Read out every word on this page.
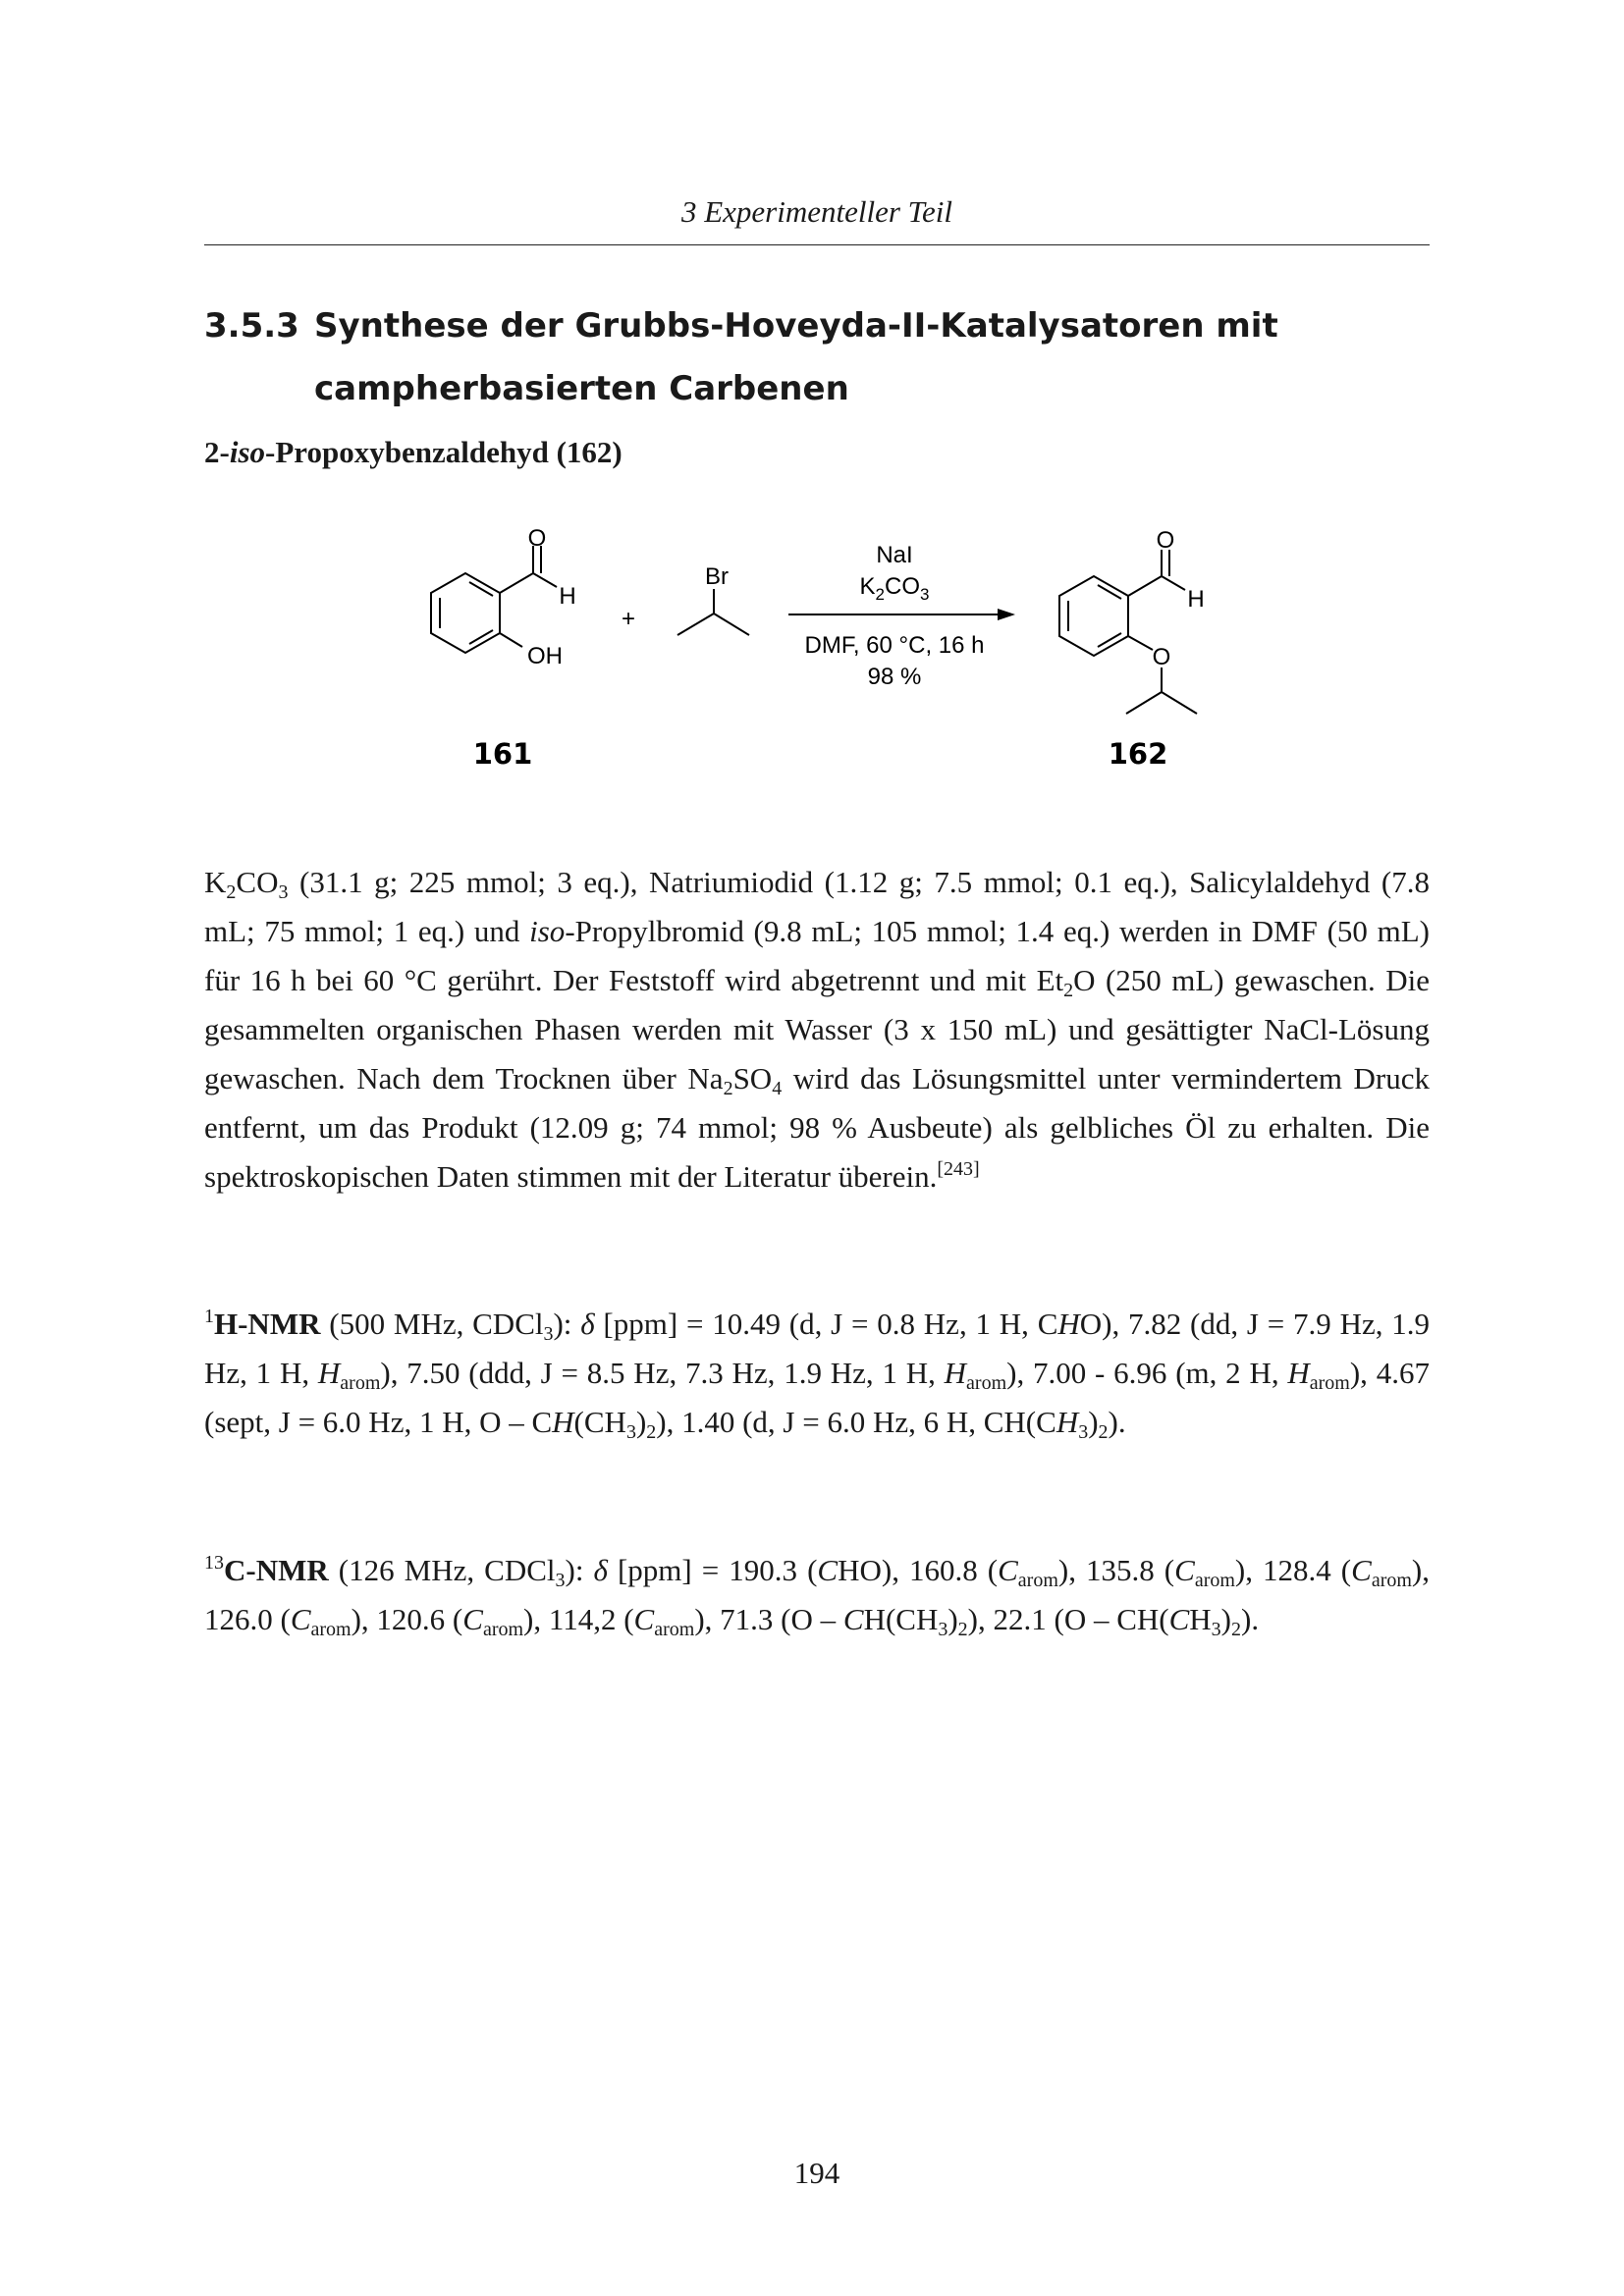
3 Experimenteller Teil
3.5.3 Synthese der Grubbs-Hoveyda-II-Katalysatoren mit
campherbasierten Carbenen
2-iso-Propoxybenzaldehyd (162)
O
H
OH
+
Br
NaI
$K_2CO_3$
DMF, 60 °C, 16 h
98 %
O
H
O
161	162
$K_2CO_3$ (31.1 g; 225 mmol; 3 eq.), Natriumiodid (1.12 g; 7.5 mmol; 0.1 eq.), Salicylaldehyd (7.8 mL; 75 mmol; 1 eq.) und iso-Propylbromid (9.8 mL; 105 mmol; 1.4 eq.) werden in DMF (50 mL) für 16 h bei 60 °C gerührt. Der Feststoff wird abgetrennt und mit $Et_2O$ (250 mL) gewaschen. Die gesammelten organischen Phasen werden mit Wasser (3 x 150 mL) und gesättigter NaCl-Lösung gewaschen. Nach dem Trocknen über $Na_2SO_4$ wird das Lösungsmittel unter vermindertem Druck entfernt, um das Produkt (12.09 g; 74 mmol; 98 % Ausbeute) als gelbliches Öl zu erhalten. Die spektroskopischen Daten stimmen mit der Literatur überein.[243]
$^1$H-NMR (500 MHz, CDCl$_3$): δ [ppm] = 10.49 (d, J = 0.8 Hz, 1 H, CHO), 7.82 (dd, J = 7.9 Hz, 1.9 Hz, 1 H, $H_{arom}$), 7.50 (ddd, J = 8.5 Hz, 7.3 Hz, 1.9 Hz, 1 H, $H_{arom}$), 7.00 - 6.96 (m, 2 H, $H_{arom}$), 4.67 (sept, J = 6.0 Hz, 1 H, O – $CH(CH_3)_2$), 1.40 (d, J = 6.0 Hz, 6 H, $CH(CH_3)_2$).
$^{13}$C-NMR (126 MHz, CDCl$_3$): δ [ppm] = 190.3 (CHO), 160.8 $(C_{arom})$, 135.8 $(C_{arom})$, 128.4 $(C_{arom})$, 126.0 $(C_{arom})$, 120.6 $(C_{arom})$, 114,2 $(C_{arom})$, 71.3 $(O - CH(CH_3)_2)$, 22.1 $(O - CH(CH_3)_2)$.
194
